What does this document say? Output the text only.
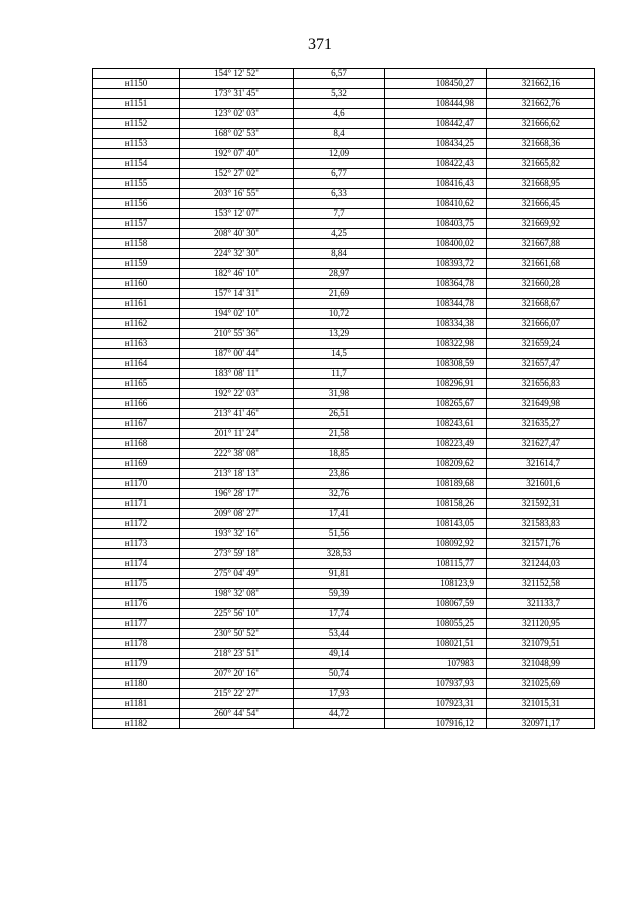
371
	154° 12' 52"	6,57		
н1150			108450,27	321662,16
	173° 31' 45"	5,32		
н1151			108444,98	321662,76
	123° 02' 03"	4,6		
н1152			108442,47	321666,62
	168° 02' 53"	8,4		
н1153			108434,25	321668,36
	192° 07' 40"	12,09		
н1154			108422,43	321665,82
	152° 27' 02"	6,77		
н1155			108416,43	321668,95
	203° 16' 55"	6,33		
н1156			108410,62	321666,45
	153° 12' 07"	7,7		
н1157			108403,75	321669,92
	208° 40' 30"	4,25		
н1158			108400,02	321667,88
	224° 32' 30"	8,84		
н1159			108393,72	321661,68
	182° 46' 10"	28,97		
н1160			108364,78	321660,28
	157° 14' 31"	21,69		
н1161			108344,78	321668,67
	194° 02' 10"	10,72		
н1162			108334,38	321666,07
	210° 55' 36"	13,29		
н1163			108322,98	321659,24
	187° 00' 44"	14,5		
н1164			108308,59	321657,47
	183° 08' 11"	11,7		
н1165			108296,91	321656,83
	192° 22' 03"	31,98		
н1166			108265,67	321649,98
	213° 41' 46"	26,51		
н1167			108243,61	321635,27
	201° 11' 24"	21,58		
н1168			108223,49	321627,47
	222° 38' 08"	18,85		
н1169			108209,62	321614,7
	213° 18' 13"	23,86		
н1170			108189,68	321601,6
	196° 28' 17"	32,76		
н1171			108158,26	321592,31
	209° 08' 27"	17,41		
н1172			108143,05	321583,83
	193° 32' 16"	51,56		
н1173			108092,92	321571,76
	273° 59' 18"	328,53		
н1174			108115,77	321244,03
	275° 04' 49"	91,81		
н1175			108123,9	321152,58
	198° 32' 08"	59,39		
н1176			108067,59	321133,7
	225° 56' 10"	17,74		
н1177			108055,25	321120,95
	230° 50' 52"	53,44		
н1178			108021,51	321079,51
	218° 23' 51"	49,14		
н1179			107983	321048,99
	207° 20' 16"	50,74		
н1180			107937,93	321025,69
	215° 22' 27"	17,93		
н1181			107923,31	321015,31
	260° 44' 54"	44,72		
н1182			107916,12	320971,17
